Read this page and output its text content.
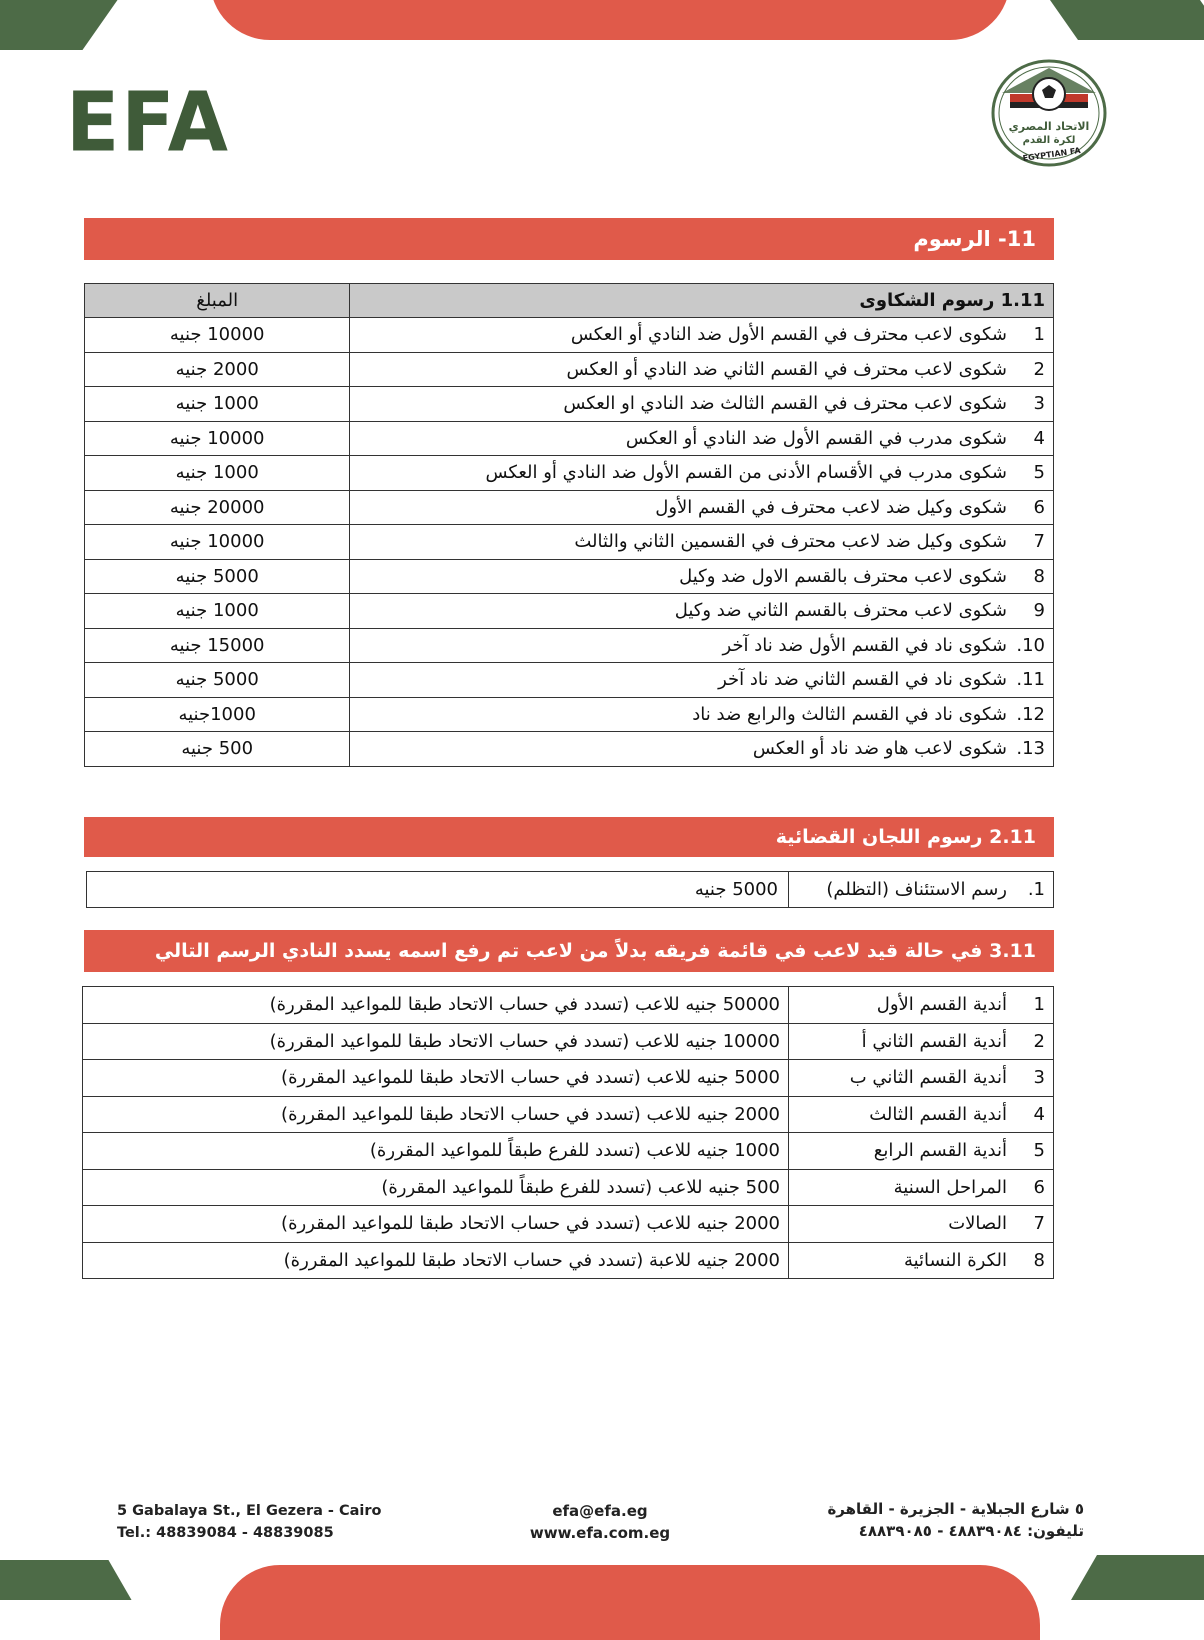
EFA	الاتحاد المصري
لكرة القدم
EGYPTIAN FA
11- الرسوم
1.11 رسوم الشكاوى	المبلغ
1شكوى لاعب محترف في القسم الأول ضد النادي أو العكس	10000 جنيه
2شكوى لاعب محترف في القسم الثاني ضد النادي أو العكس	2000 جنيه
3شكوى لاعب محترف في القسم الثالث ضد النادي او العكس	1000 جنيه
4شكوى مدرب في القسم الأول ضد النادي أو العكس	10000 جنيه
5شكوى مدرب في الأقسام الأدنى من القسم الأول ضد النادي أو العكس	1000 جنيه
6شكوى وكيل ضد لاعب محترف في القسم الأول	20000 جنيه
7شكوى وكيل ضد لاعب محترف في القسمين الثاني والثالث	10000 جنيه
8شكوى لاعب محترف بالقسم الاول ضد وكيل	5000 جنيه
9شكوى لاعب محترف بالقسم الثاني ضد وكيل	1000 جنيه
10.شكوى ناد في القسم الأول ضد ناد آخر	15000 جنيه
11.شكوى ناد في القسم الثاني ضد ناد آخر	5000 جنيه
12.شكوى ناد في القسم الثالث والرابع ضد ناد	1000جنيه
13.شكوى لاعب هاو ضد ناد أو العكس	500 جنيه
2.11 رسوم اللجان القضائية
1.رسم الاستئناف (التظلم)	5000 جنيه
3.11 في حالة قيد لاعب في قائمة فريقه بدلاً من لاعب تم رفع اسمه يسدد النادي الرسم التالي
1أندية القسم الأول	50000 جنيه للاعب (تسدد في حساب الاتحاد طبقا للمواعيد المقررة)
2أندية القسم الثاني أ	10000 جنيه للاعب (تسدد في حساب الاتحاد طبقا للمواعيد المقررة)
3أندية القسم الثاني ب	5000 جنيه للاعب (تسدد في حساب الاتحاد طبقا للمواعيد المقررة)
4أندية القسم الثالث	2000 جنيه للاعب (تسدد في حساب الاتحاد طبقا للمواعيد المقررة)
5أندية القسم الرابع	1000 جنيه للاعب (تسدد للفرع طبقاً للمواعيد المقررة)
6المراحل السنية	500 جنيه للاعب (تسدد للفرع طبقاً للمواعيد المقررة)
7الصالات	2000 جنيه للاعب (تسدد في حساب الاتحاد طبقا للمواعيد المقررة)
8الكرة النسائية	2000 جنيه للاعبة (تسدد في حساب الاتحاد طبقا للمواعيد المقررة)
5 Gabalaya St., El Gezera - Cairo
Tel.: 48839084 - 48839085
efa@efa.eg
www.efa.com.eg
٥ شارع الجبلاية - الجزيرة - القاهرة
تليفون: ٤٨٨٣٩٠٨٤ - ٤٨٨٣٩٠٨٥
